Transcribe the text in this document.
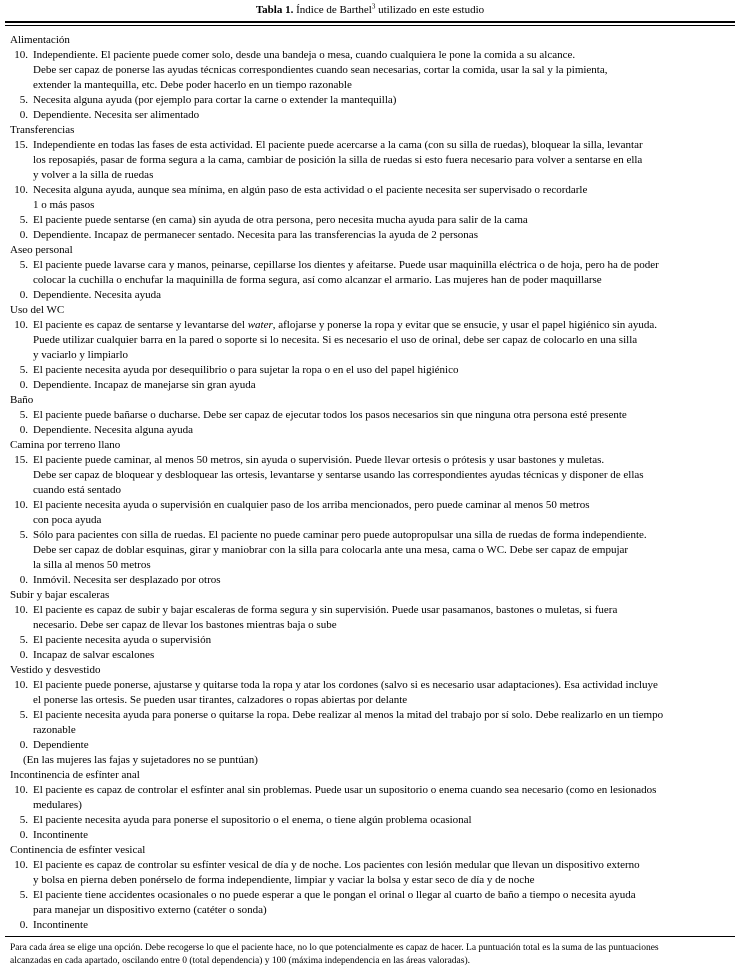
Tabla 1. Índice de Barthel$^3$ utilizado en este estudio
Alimentación
10. Independiente. El paciente puede comer solo, desde una bandeja o mesa, cuando cualquiera le pone la comida a su alcance.
Debe ser capaz de ponerse las ayudas técnicas correspondientes cuando sean necesarias, cortar la comida, usar la sal y la pimienta,
extender la mantequilla, etc. Debe poder hacerlo en un tiempo razonable
5. Necesita alguna ayuda (por ejemplo para cortar la carne o extender la mantequilla)
0. Dependiente. Necesita ser alimentado
Transferencias
15. Independiente en todas las fases de esta actividad. El paciente puede acercarse a la cama (con su silla de ruedas), bloquear la silla, levantar
los reposapiés, pasar de forma segura a la cama, cambiar de posición la silla de ruedas si esto fuera necesario para volver a sentarse en ella
y volver a la silla de ruedas
10. Necesita alguna ayuda, aunque sea mínima, en algún paso de esta actividad o el paciente necesita ser supervisado o recordarle
1 o más pasos
5. El paciente puede sentarse (en cama) sin ayuda de otra persona, pero necesita mucha ayuda para salir de la cama
0. Dependiente. Incapaz de permanecer sentado. Necesita para las transferencias la ayuda de 2 personas
Aseo personal
5. El paciente puede lavarse cara y manos, peinarse, cepillarse los dientes y afeitarse. Puede usar maquinilla eléctrica o de hoja, pero ha de poder
colocar la cuchilla o enchufar la maquinilla de forma segura, así como alcanzar el armario. Las mujeres han de poder maquillarse
0. Dependiente. Necesita ayuda
Uso del WC
10. El paciente es capaz de sentarse y levantarse del water, aflojarse y ponerse la ropa y evitar que se ensucie, y usar el papel higiénico sin ayuda.
Puede utilizar cualquier barra en la pared o soporte si lo necesita. Si es necesario el uso de orinal, debe ser capaz de colocarlo en una silla
y vaciarlo y limpiarlo
5. El paciente necesita ayuda por desequilibrio o para sujetar la ropa o en el uso del papel higiénico
0. Dependiente. Incapaz de manejarse sin gran ayuda
Baño
5. El paciente puede bañarse o ducharse. Debe ser capaz de ejecutar todos los pasos necesarios sin que ninguna otra persona esté presente
0. Dependiente. Necesita alguna ayuda
Camina por terreno llano
15. El paciente puede caminar, al menos 50 metros, sin ayuda o supervisión. Puede llevar ortesis o prótesis y usar bastones y muletas.
Debe ser capaz de bloquear y desbloquear las ortesis, levantarse y sentarse usando las correspondientes ayudas técnicas y disponer de ellas
cuando está sentado
10. El paciente necesita ayuda o supervisión en cualquier paso de los arriba mencionados, pero puede caminar al menos 50 metros
con poca ayuda
5. Sólo para pacientes con silla de ruedas. El paciente no puede caminar pero puede autopropulsar una silla de ruedas de forma independiente.
Debe ser capaz de doblar esquinas, girar y maniobrar con la silla para colocarla ante una mesa, cama o WC. Debe ser capaz de empujar
la silla al menos 50 metros
0. Inmóvil. Necesita ser desplazado por otros
Subir y bajar escaleras
10. El paciente es capaz de subir y bajar escaleras de forma segura y sin supervisión. Puede usar pasamanos, bastones o muletas, si fuera
necesario. Debe ser capaz de llevar los bastones mientras baja o sube
5. El paciente necesita ayuda o supervisión
0. Incapaz de salvar escalones
Vestido y desvestido
10. El paciente puede ponerse, ajustarse y quitarse toda la ropa y atar los cordones (salvo si es necesario usar adaptaciones). Esa actividad incluye
el ponerse las ortesis. Se pueden usar tirantes, calzadores o ropas abiertas por delante
5. El paciente necesita ayuda para ponerse o quitarse la ropa. Debe realizar al menos la mitad del trabajo por sí solo. Debe realizarlo en un tiempo
razonable
0. Dependiente
(En las mujeres las fajas y sujetadores no se puntúan)
Incontinencia de esfínter anal
10. El paciente es capaz de controlar el esfínter anal sin problemas. Puede usar un supositorio o enema cuando sea necesario (como en lesionados
medulares)
5. El paciente necesita ayuda para ponerse el supositorio o el enema, o tiene algún problema ocasional
0. Incontinente
Continencia de esfínter vesical
10. El paciente es capaz de controlar su esfínter vesical de día y de noche. Los pacientes con lesión medular que llevan un dispositivo externo
y bolsa en pierna deben ponérselo de forma independiente, limpiar y vaciar la bolsa y estar seco de día y de noche
5. El paciente tiene accidentes ocasionales o no puede esperar a que le pongan el orinal o llegar al cuarto de baño a tiempo o necesita ayuda
para manejar un dispositivo externo (catéter o sonda)
0. Incontinente
Para cada área se elige una opción. Debe recogerse lo que el paciente hace, no lo que potencialmente es capaz de hacer. La puntuación total es la suma de las puntuaciones
alcanzadas en cada apartado, oscilando entre 0 (total dependencia) y 100 (máxima independencia en las áreas valoradas).
